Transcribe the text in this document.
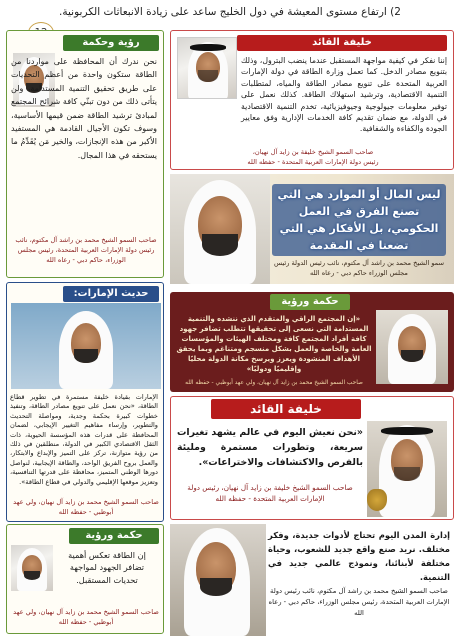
2) ارتفاع مستوى المعيشة في دول الخليج ساعد على زيادة الانبعاثات الكربونية.
خليفة القائد
إننا نفكر في كيفية مواجهة المستقبل عندما ينضب البترول، وذلك بتنويع مصادر الدخل. كما تعمل وزارة الطاقة في دولة الإمارات العربية المتحدة على تنويع مصادر الطاقة والمياه، لمتطلبات التنمية الاقتصادية، وترشيد استهلاك الطاقة. كذلك نعمل على توفير معلومات جيولوجية وجيوفيزيائية، تخدم التنمية الاقتصادية في الدولة، مع ضمان تقديم كافة الخدمات الإدارية وفق معايير الجودة والكفاءة والشفافية.
صاحب السمو الشيخ خليفة بن زايد آل نهيان،
رئيس دولة الإمارات العربية المتحدة - حفظه الله
رؤية وحكمة
نحن ندرك أن المحافظة على مواردنا من الطاقة ستكون واحدة من أعظم التحديات على طريق تحقيق التنمية المستدامة، ولن يتأتى ذلك من دون تبنّي كافة شرائح المجتمع لمبادئ ترشيد الطاقة ضمن قيمها الأساسية، وسوف تكون الأجيال القادمة هي المستفيد الأكبر من هذه الإنجازات، والخير مَن يُقَدِّمُ ما يستحقه في هذا المجال.
صاحب السمو الشيخ محمد بن راشد آل مكتوم، نائب رئيس دولة الإمارات العربية المتحدة، رئيس مجلس الوزراء، حاكم دبي - رعاه الله
ليس المال أو الموارد هي التي تصنع الفرق في العمل الحكومي، بل الأفكار هي التي تضعنا في المقدمة
سمو الشيخ محمد بن راشد آل مكتوم، نائب رئيس الدولة رئيس مجلس الوزراء حاكم دبي - رعاه الله
حديث الإمارات:
الإمارات بقيادة خليفة مستمرة في تطوير قطاع الطاقة، «نحن نعمل على تنويع مصادر الطاقة، وتنفيذ خطوات كبيرة بحكمة وجدية، ومواصلة التحديث والتطوير، وإرساء مفاهيم التغيير الإيجابي، لضمان المحافظة على قدرات هذه المؤسسة الحيوية، ذات الثقل الاقتصادي الكبير في الدولة، منطلقين في ذلك من رؤية متوازنة، تركز على التميز والإبداع والابتكار، والعمل بروح الفريق الواحد، والطاقة الإيجابية، لنواصل دورها الوطني المتميز، محافظة على قدرتها التنافسية، وتعزيز موقعها الإقليمي والدولي في قطاع الطاقة».
صاحب السمو الشيخ محمد بن زايد آل نهيان، ولي عهد أبوظبي - حفظه الله
حكمة ورؤية
«إن المجتمع الراقي والمتقدم الذي ننشده والتنمية المستدامة التي نسعى إلى تحقيقها تتطلب تضافر جهود كافة أفراد المجتمع كافة ومختلف الهيئات والمؤسسات العامة والخاصة والعمل بشكل منسجم ومتناغم وبما يحقق الأهداف المنشودة ويعزز ويرسخ مكانة الدولة محليًا وإقليميًا ودوليًا»
صاحب السمو الشيخ محمد بن زايد آل نهيان، ولي عهد أبوظبي - حفظه الله
خليفة القائد
«نحن نعيش اليوم في عالم يشهد تغيرات سريعة، وتطورات مستمرة ومليئة بالفرص والاكتشافات والاختراعات».
صاحب السمو الشيخ خليفة بن زايد آل نهيان، رئيس دولة الإمارات العربية المتحدة - حفظه الله
حكمة ورؤية
إن الطاقة تعكس أهمية تضافر الجهود لمواجهة تحديات المستقبل.
صاحب السمو الشيخ محمد بن زايد آل نهيان، ولي عهد أبوظبي - حفظه الله
إدارة المدن اليوم تحتاج لأدوات جديدة، وفكر مختلف. نريد صنع واقع جديد للشعوب، وحياة مختلفة لأبنائنا، ونموذج عالمي جديد في التنمية.
صاحب السمو الشيخ محمد بن راشد آل مكتوم، نائب رئيس دولة الإمارات العربية المتحدة، رئيس مجلس الوزراء، حاكم دبي - رعاه الله
